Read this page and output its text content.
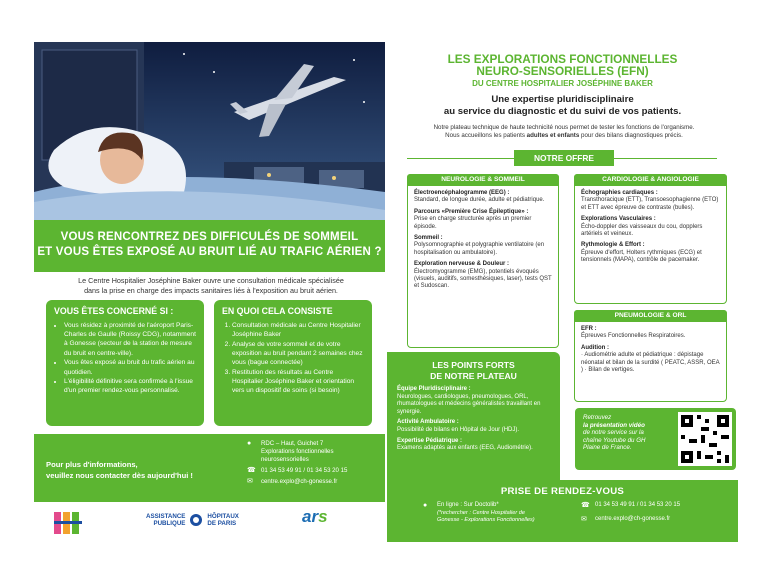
VOUS RENCONTREZ DES DIFFICULÉS DE SOMMEIL
ET VOUS ÊTES EXPOSÉ AU BRUIT LIÉ AU TRAFIC AÉRIEN ?
Le Centre Hospitalier Joséphine Baker ouvre une consultation médicale spécialisée
dans la prise en charge des impacts sanitaires liés à l'exposition au bruit aérien.
VOUS ÊTES CONCERNÉ SI :
• Vous résidez à proximité de l'aéroport Paris-Charles de Gaulle (Roissy CDG), notamment à Gonesse (secteur de la station de mesure du bruit en centre-ville).
• Vous êtes exposé au bruit du trafic aérien au quotidien.
• L'éligibilité définitive sera confirmée à l'issue d'un premier rendez-vous personnalisé.
EN QUOI CELA CONSISTE
1. Consultation médicale au Centre Hospitalier Joséphine Baker
2. Analyse de votre sommeil et de votre exposition au bruit pendant 2 semaines chez vous (bague connectée)
3. Restitution des résultats au Centre Hospitalier Joséphine Baker et orientation vers un dispositif de soins (si besoin)
Pour plus d'informations,
veuillez nous contacter dès aujourd'hui !
●	RDC – Haut, Guichet 7
Explorations fonctionnelles
neurosensorielles
☎ 01 34 53 49 91 / 01 34 53 20 15
✉	centre.explo@ch-gonesse.fr
ASSISTANCE
PUBLIQUE
HÔPITAUX
DE PARIS	ars
LES EXPLORATIONS FONCTIONNELLES
NEURO-SENSORIELLES (EFN)
DU CENTRE HOSPITALIER JOSÉPHINE BAKER
Une expertise pluridisciplinaire
au service du diagnostic et du suivi de vos patients.
Notre plateau technique de haute technicité nous permet de tester les fonctions de l'organisme.
Nous accueillons les patients adultes et enfants pour des bilans diagnostiques précis.
NOTRE OFFRE
NEUROLOGIE & SOMMEIL

Électroencéphalogramme (EEG) :
Standard, de longue durée, adulte et pédiatrique.

Parcours «Première Crise Épileptique» :
Prise en charge structurée après un premier épisode.

Sommeil :
Polysomnographie et polygraphie ventilatoire (en hospitalisation ou ambulatoire).

Exploration nerveuse & Douleur :
Électromyogramme (EMG), potentiels évoqués (visuels, auditifs, somesthésiques, laser), tests QST et Sudoscan.

CARDIOLOGIE & ANGIOLOGIE

Échographies cardiaques :
Transthoracique (ETT), Transoesophagienne (ETO) et ETT avec épreuve de contraste (bulles).

Explorations Vasculaires :
Écho-doppler des vaisseaux du cou, dopplers artériels et veineux.

Rythmologie & Effort :
Épreuve d'effort, Holters rythmiques (ECG) et tensionnels (MAPA), contrôle de pacemaker.

PNEUMOLOGIE & ORL

EFR :
Épreuves Fonctionnelles Respiratoires.

Audition :
· Audiométrie adulte et pédiatrique : dépistage néonatal et bilan de la surdité ( PEATC, ASSR, OEA ) · Bilan de vertiges.

LES POINTS FORTS
DE NOTRE PLATEAU

Équipe Pluridisciplinaire :
Neurologues, cardiologues, pneumologues, ORL, rhumatologues et médecins généralistes travaillant en synergie.

Activité Ambulatoire :
Possibilité de bilans en Hôpital de Jour (HDJ).

Expertise Pédiatrique :
Examens adaptés aux enfants (EEG, Audiométrie).

Retrouvez
la présentation vidéo
de notre service sur la
chaîne Youtube du GH
Plaine de France.
PRISE DE RENDEZ-VOUS
●	En ligne : Sur Doctolib*
(*rechercher : Centre Hospitalier de
Gonesse - Explorations Fonctionnelles)
☎ 01 34 53 49 91 / 01 34 53 20 15
✉	centre.explo@ch-gonesse.fr
